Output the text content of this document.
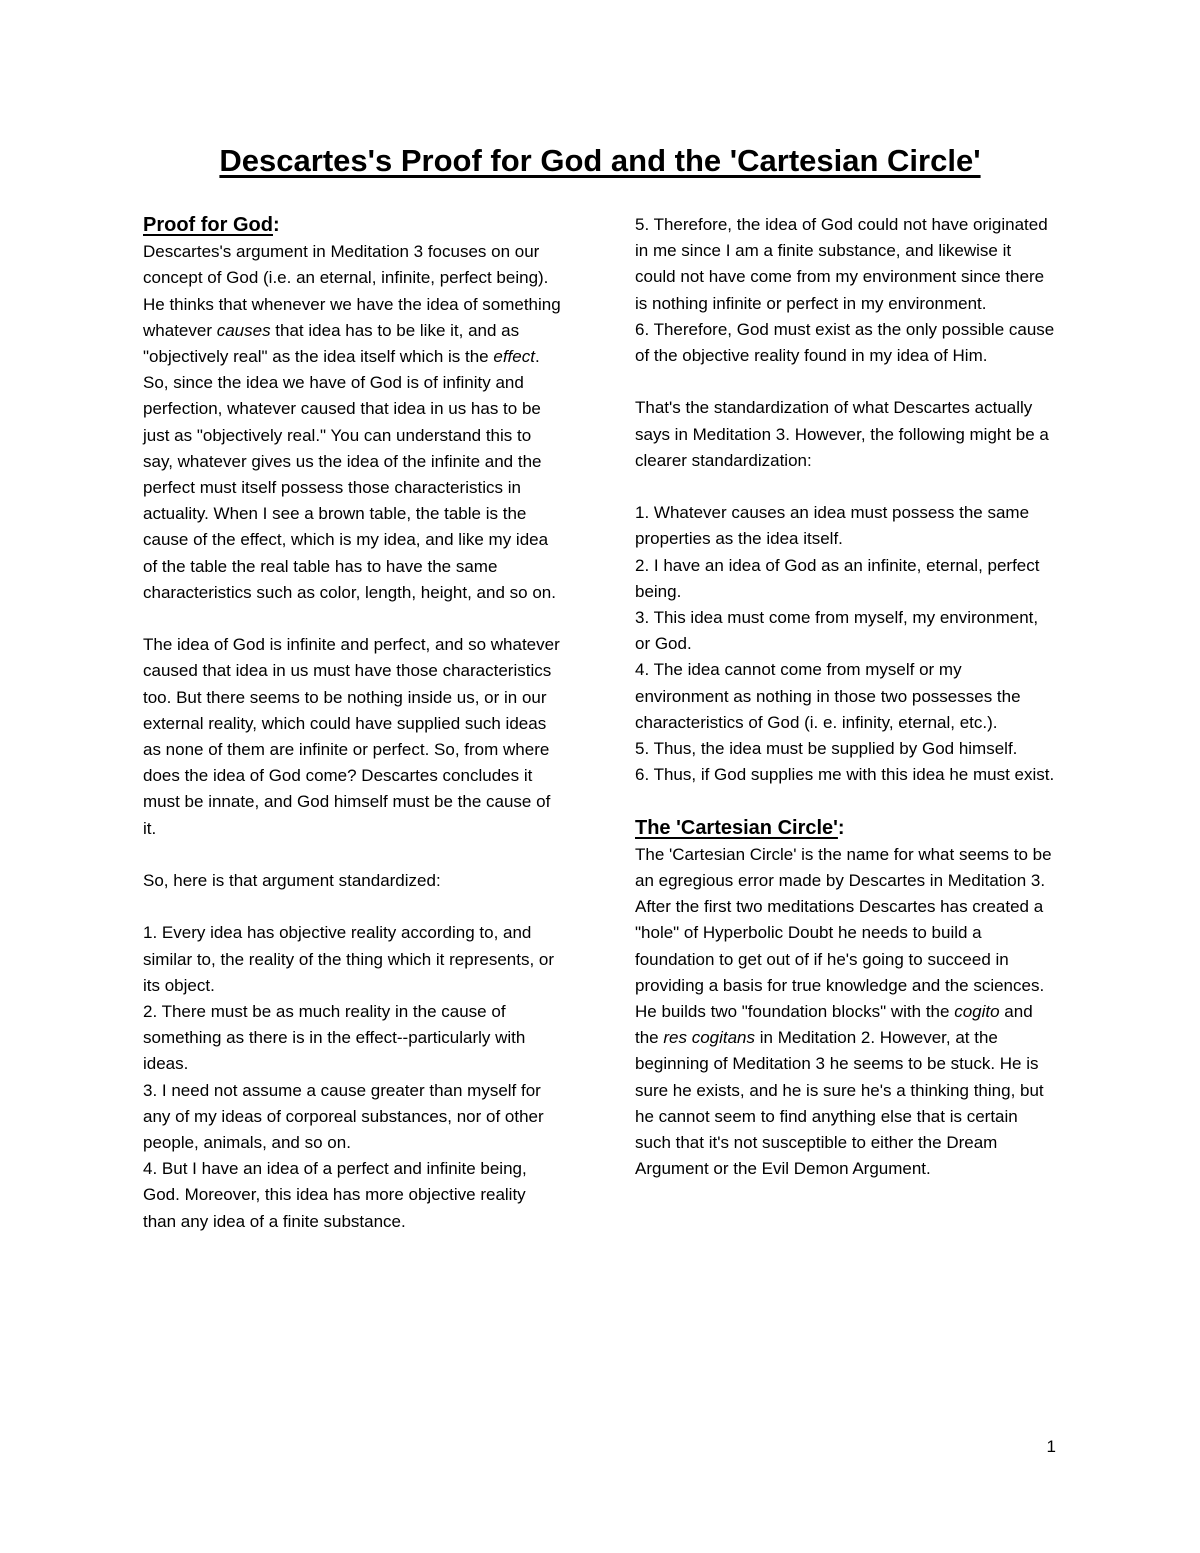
Descartes's Proof for God and the 'Cartesian Circle'

Proof for God:

Descartes's argument in Meditation 3 focuses on our concept of God (i.e. an eternal, infinite, perfect being). He thinks that whenever we have the idea of something whatever causes that idea has to be like it, and as "objectively real" as the idea itself which is the effect. So, since the idea we have of God is of infinity and perfection, whatever caused that idea in us has to be just as "objectively real." You can understand this to say, whatever gives us the idea of the infinite and the perfect must itself possess those characteristics in actuality. When I see a brown table, the table is the cause of the effect, which is my idea, and like my idea of the table the real table has to have the same characteristics such as color, length, height, and so on.

The idea of God is infinite and perfect, and so whatever caused that idea in us must have those characteristics too. But there seems to be nothing inside us, or in our external reality, which could have supplied such ideas as none of them are infinite or perfect. So, from where does the idea of God come? Descartes concludes it must be innate, and God himself must be the cause of it.

So, here is that argument standardized:

1. Every idea has objective reality according to, and similar to, the reality of the thing which it represents, or its object.

2. There must be as much reality in the cause of something as there is in the effect--particularly with ideas.

3. I need not assume a cause greater than myself for any of my ideas of corporeal substances, nor of other people, animals, and so on.

4. But I have an idea of a perfect and infinite being, God. Moreover, this idea has more objective reality than any idea of a finite substance.

5. Therefore, the idea of God could not have originated in me since I am a finite substance, and likewise it could not have come from my environment since there is nothing infinite or perfect in my environment.

6. Therefore, God must exist as the only possible cause of the objective reality found in my idea of Him.

That's the standardization of what Descartes actually says in Meditation 3. However, the following might be a clearer standardization:

1. Whatever causes an idea must possess the same properties as the idea itself.

2. I have an idea of God as an infinite, eternal, perfect being.

3. This idea must come from myself, my environment, or God.

4. The idea cannot come from myself or my environment as nothing in those two possesses the characteristics of God (i. e. infinity, eternal, etc.).

5. Thus, the idea must be supplied by God himself.

6. Thus, if God supplies me with this idea he must exist.

The 'Cartesian Circle':

The 'Cartesian Circle' is the name for what seems to be an egregious error made by Descartes in Meditation 3. After the first two meditations Descartes has created a "hole" of Hyperbolic Doubt he needs to build a foundation to get out of if he's going to succeed in providing a basis for true knowledge and the sciences. He builds two "foundation blocks" with the cogito and the res cogitans in Meditation 2. However, at the beginning of Meditation 3 he seems to be stuck. He is sure he exists, and he is sure he's a thinking thing, but he cannot seem to find anything else that is certain such that it's not susceptible to either the Dream Argument or the Evil Demon Argument.

1
